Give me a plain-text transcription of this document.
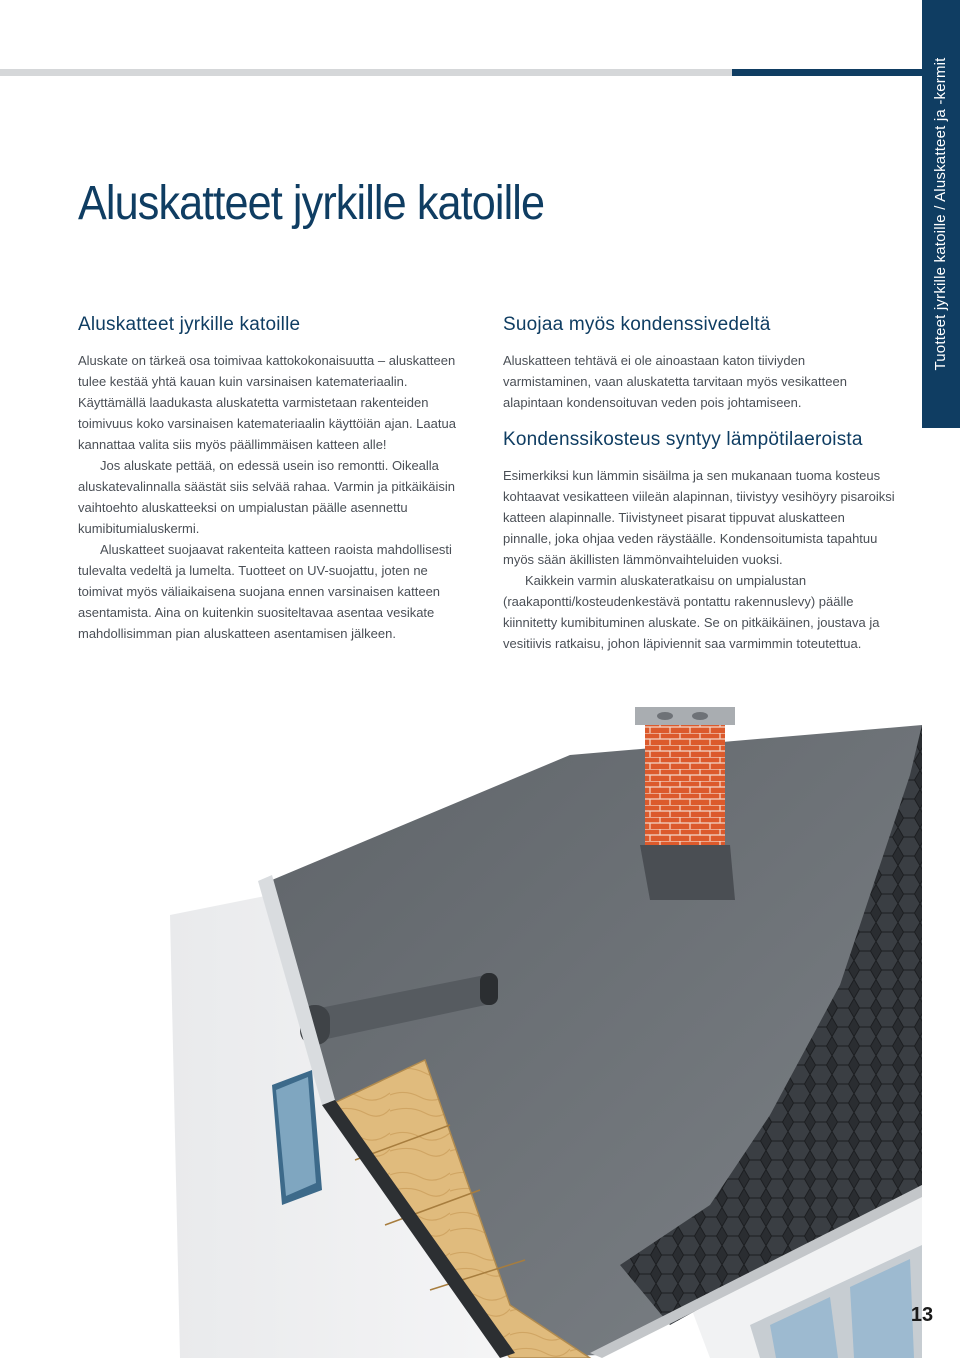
Tuotteet jyrkille katoille / Aluskatteet ja -kermit
Aluskatteet jyrkille katoille
Aluskatteet jyrkille katoille

Aluskate on tärkeä osa toimivaa kattokokonaisuutta – aluskatteen tulee kestää yhtä kauan kuin varsinaisen katemateriaalin. Käyttämällä laadukasta aluskatetta varmistetaan rakenteiden toimivuus koko varsinaisen katemateriaalin käyttöiän ajan. Laatua kannattaa valita siis myös päällimmäisen katteen alle!

Jos aluskate pettää, on edessä usein iso remontti. Oikealla aluskatevalinnalla säästät siis selvää rahaa. Varmin ja pitkäikäisin vaihtoehto aluskatteeksi on umpialustan päälle asennettu kumibitumialuskermi.

Aluskatteet suojaavat rakenteita katteen raoista mahdollisesti tulevalta vedeltä ja lumelta. Tuotteet on UV-suojattu, joten ne toimivat myös väliaikaisena suojana ennen varsinaisen katteen asentamista. Aina on kuitenkin suositeltavaa asentaa vesikate mahdollisimman pian aluskatteen asentamisen jälkeen.

Suojaa myös kondenssivedeltä

Aluskatteen tehtävä ei ole ainoastaan katon tiiviyden varmistaminen, vaan aluskatetta tarvitaan myös vesikatteen alapintaan kondensoituvan veden pois johtamiseen.

Kondenssikosteus syntyy lämpötilaeroista

Esimerkiksi kun lämmin sisäilma ja sen mukanaan tuoma kosteus kohtaavat vesikatteen viileän alapinnan, tiivistyy vesihöyry pisaroiksi katteen alapinnalle. Tiivistyneet pisarat tippuvat aluskatteen pinnalle, joka ohjaa veden räystäälle. Kondensoitumista tapahtuu myös sään äkillisten lämmönvaihteluiden vuoksi.

Kaikkein varmin aluskateratkaisu on umpialustan (raakapontti/kosteudenkestävä pontattu rakennuslevy) päälle kiinnitetty kumibituminen aluskate. Se on pitkäikäinen, joustava ja vesitiivis ratkaisu, johon läpiviennit saa varmimmin toteutettua.

13
